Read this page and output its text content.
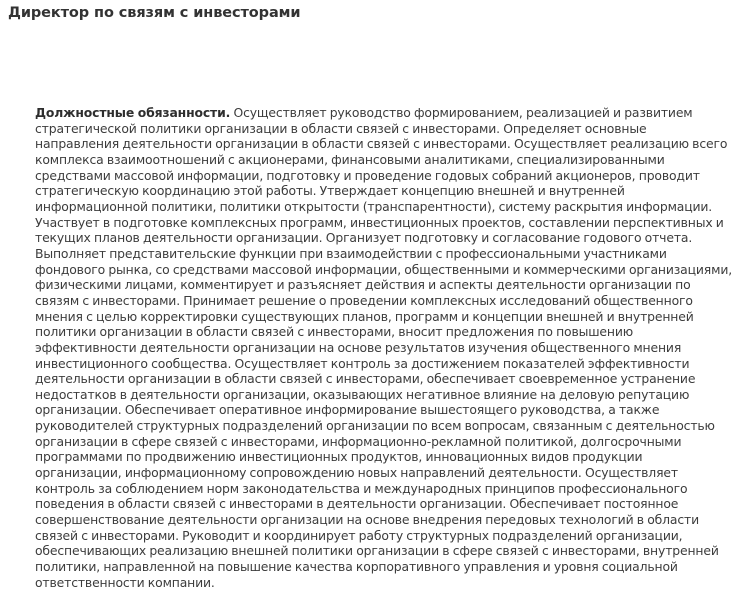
Директор по связям с инвесторами

Должностные обязанности. Осуществляет руководство формированием, реализацией и развитием стратегической политики организации в области связей с инвесторами. Определяет основные направления деятельности организации в области связей с инвесторами. Осуществляет реализацию всего комплекса взаимоотношений с акционерами, финансовыми аналитиками, специализированными средствами массовой информации, подготовку и проведение годовых собраний акционеров, проводит стратегическую координацию этой работы. Утверждает концепцию внешней и внутренней информационной политики, политики открытости (транспарентности), систему раскрытия информации. Участвует в подготовке комплексных программ, инвестиционных проектов, составлении перспективных и текущих планов деятельности организации. Организует подготовку и согласование годового отчета. Выполняет представительские функции при взаимодействии с профессиональными участниками фондового рынка, со средствами массовой информации, общественными и коммерческими организациями, физическими лицами, комментирует и разъясняет действия и аспекты деятельности организации по связям с инвесторами. Принимает решение о проведении комплексных исследований общественного мнения с целью корректировки существующих планов, программ и концепции внешней и внутренней политики организации в области связей с инвесторами, вносит предложения по повышению эффективности деятельности организации на основе результатов изучения общественного мнения инвестиционного сообщества. Осуществляет контроль за достижением показателей эффективности деятельности организации в области связей с инвесторами, обеспечивает своевременное устранение недостатков в деятельности организации, оказывающих негативное влияние на деловую репутацию организации. Обеспечивает оперативное информирование вышестоящего руководства, а также руководителей структурных подразделений организации по всем вопросам, связанным с деятельностью организации в сфере связей с инвесторами, информационно-рекламной политикой, долгосрочными программами по продвижению инвестиционных продуктов, инновационных видов продукции организации, информационному сопровождению новых направлений деятельности. Осуществляет контроль за соблюдением норм законодательства и международных принципов профессионального поведения в области связей с инвесторами в деятельности организации. Обеспечивает постоянное совершенствование деятельности организации на основе внедрения передовых технологий в области связей с инвесторами. Руководит и координирует работу структурных подразделений организации, обеспечивающих реализацию внешней политики организации в сфере связей с инвесторами, внутренней политики, направленной на повышение качества корпоративного управления и уровня социальной ответственности компании.
